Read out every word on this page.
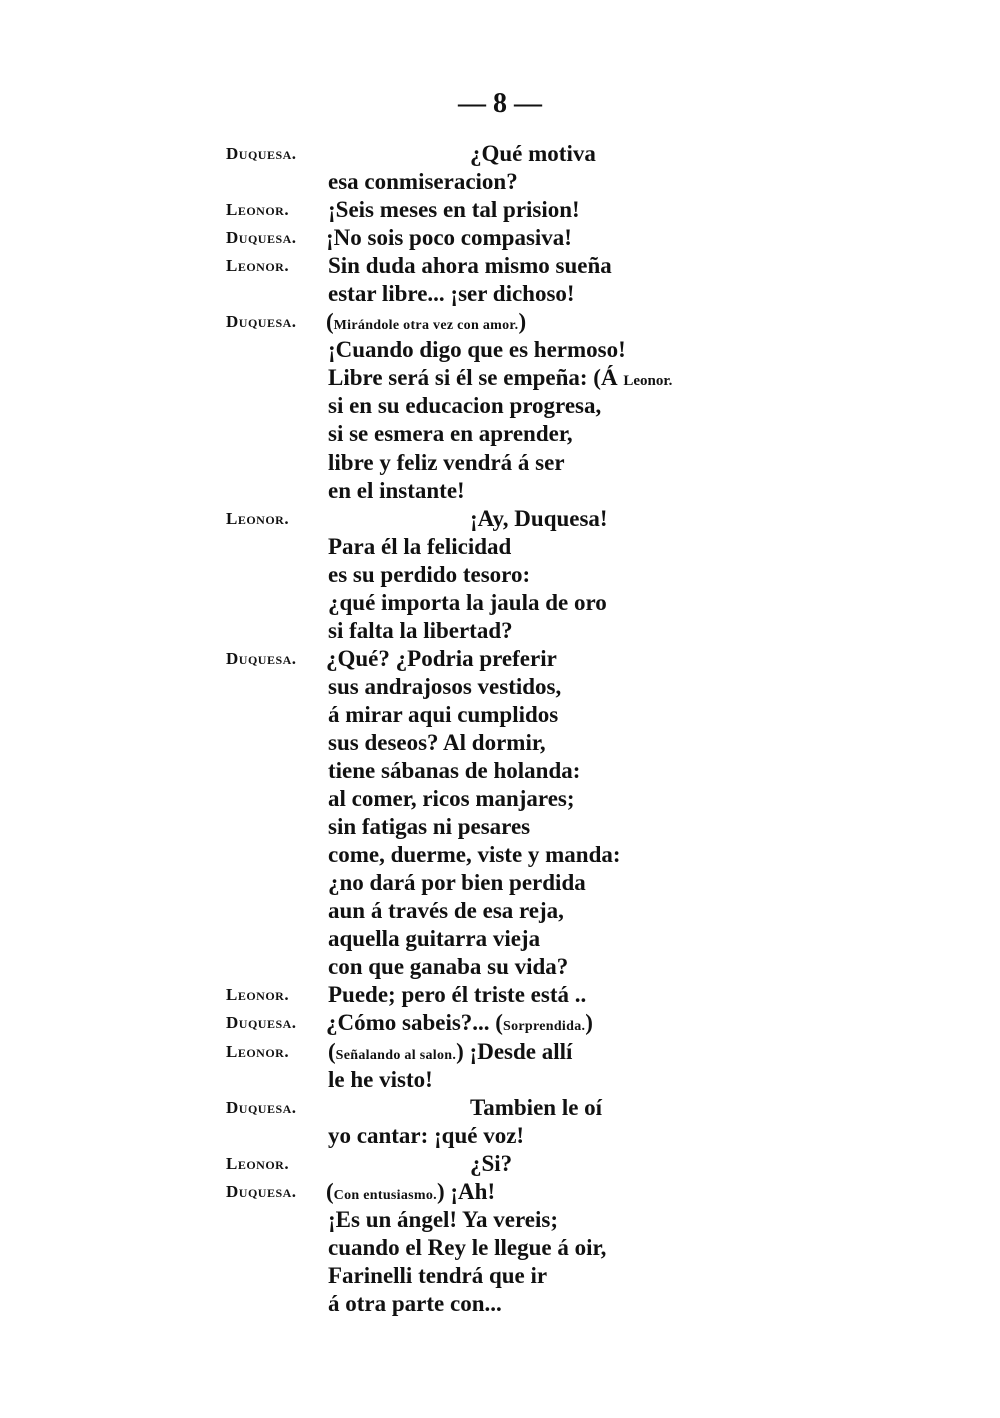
— 8 —
Duquesa.	¿Qué motiva
esa conmiseracion?
Leonor. ¡Seis meses en tal prision!
Duquesa. ¡No sois poco compasiva!
Leonor. Sin duda ahora mismo sueña
estar libre... ¡ser dichoso!
Duquesa. (Mirándole otra vez con amor.)
¡Cuando digo que es hermoso!
Libre será si él se empeña: (Á Leonor.
si en su educacion progresa,
si se esmera en aprender,
libre y feliz vendrá á ser
en el instante!
Leonor.	¡Ay, Duquesa!
Para él la felicidad
es su perdido tesoro:
¿qué importa la jaula de oro
si falta la libertad?
Duquesa. ¿Qué? ¿Podria preferir
sus andrajosos vestidos,
á mirar aqui cumplidos
sus deseos? Al dormir,
tiene sábanas de holanda:
al comer, ricos manjares;
sin fatigas ni pesares
come, duerme, viste y manda:
¿no dará por bien perdida
aun á través de esa reja,
aquella guitarra vieja
con que ganaba su vida?
Leonor. Puede; pero él triste está ..
Duquesa. ¿Cómo sabeis?... (Sorprendida.)
Leonor. (Señalando al salon.) ¡Desde allí
le he visto!
Duquesa.	Tambien le oí
yo cantar: ¡qué voz!
Leonor.	¿Si?
Duquesa. (Con entusiasmo.) ¡Ah!
¡Es un ángel! Ya vereis;
cuando el Rey le llegue á oir,
Farinelli tendrá que ir
á otra parte con...
